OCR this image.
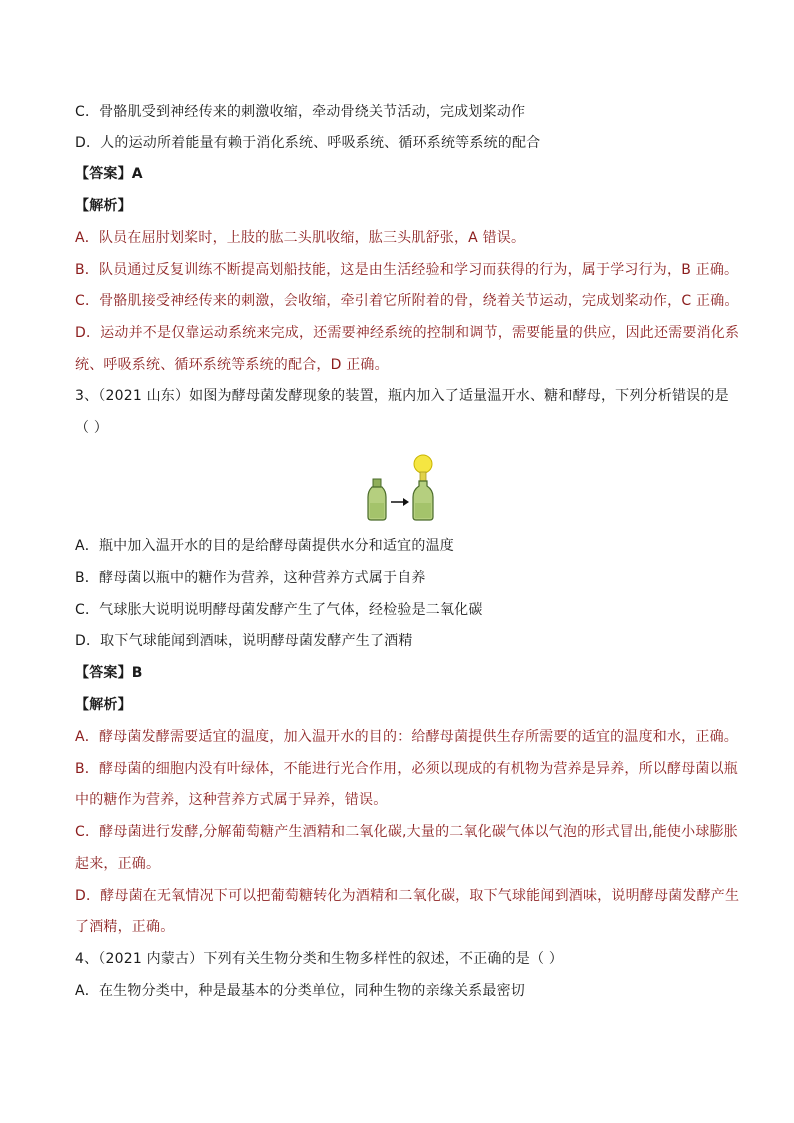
C．骨骼肌受到神经传来的刺激收缩，牵动骨绕关节活动，完成划桨动作
D．人的运动所着能量有赖于消化系统、呼吸系统、循环系统等系统的配合
【答案】A
【解析】
A．队员在屈肘划桨时，上肢的肱二头肌收缩，肱三头肌舒张，A 错误。
B．队员通过反复训练不断提高划船技能，这是由生活经验和学习而获得的行为，属于学习行为，B 正确。
C．骨骼肌接受神经传来的刺激，会收缩，牵引着它所附着的骨，绕着关节运动，完成划桨动作，C 正确。
D．运动并不是仅靠运动系统来完成，还需要神经系统的控制和调节，需要能量的供应，因此还需要消化系
统、呼吸系统、循环系统等系统的配合，D 正确。
3、（2021 山东）如图为酵母菌发酵现象的装置，瓶内加入了适量温开水、糖和酵母，下列分析错误的是
（ ）
A．瓶中加入温开水的目的是给酵母菌提供水分和适宜的温度
B．酵母菌以瓶中的糖作为营养，这种营养方式属于自养
C．气球胀大说明说明酵母菌发酵产生了气体，经检验是二氧化碳
D．取下气球能闻到酒味，说明酵母菌发酵产生了酒精
【答案】B
【解析】
A．酵母菌发酵需要适宜的温度，加入温开水的目的：给酵母菌提供生存所需要的适宜的温度和水，正确。
B．酵母菌的细胞内没有叶绿体，不能进行光合作用，必须以现成的有机物为营养是异养，所以酵母菌以瓶
中的糖作为营养，这种营养方式属于异养，错误。
C．酵母菌进行发酵,分解葡萄糖产生酒精和二氧化碳,大量的二氧化碳气体以气泡的形式冒出,能使小球膨胀
起来，正确。
D．酵母菌在无氧情况下可以把葡萄糖转化为酒精和二氧化碳，取下气球能闻到酒味，说明酵母菌发酵产生
了酒精，正确。
4、（2021 内蒙古）下列有关生物分类和生物多样性的叙述，不正确的是（ ）
A．在生物分类中，种是最基本的分类单位，同种生物的亲缘关系最密切
